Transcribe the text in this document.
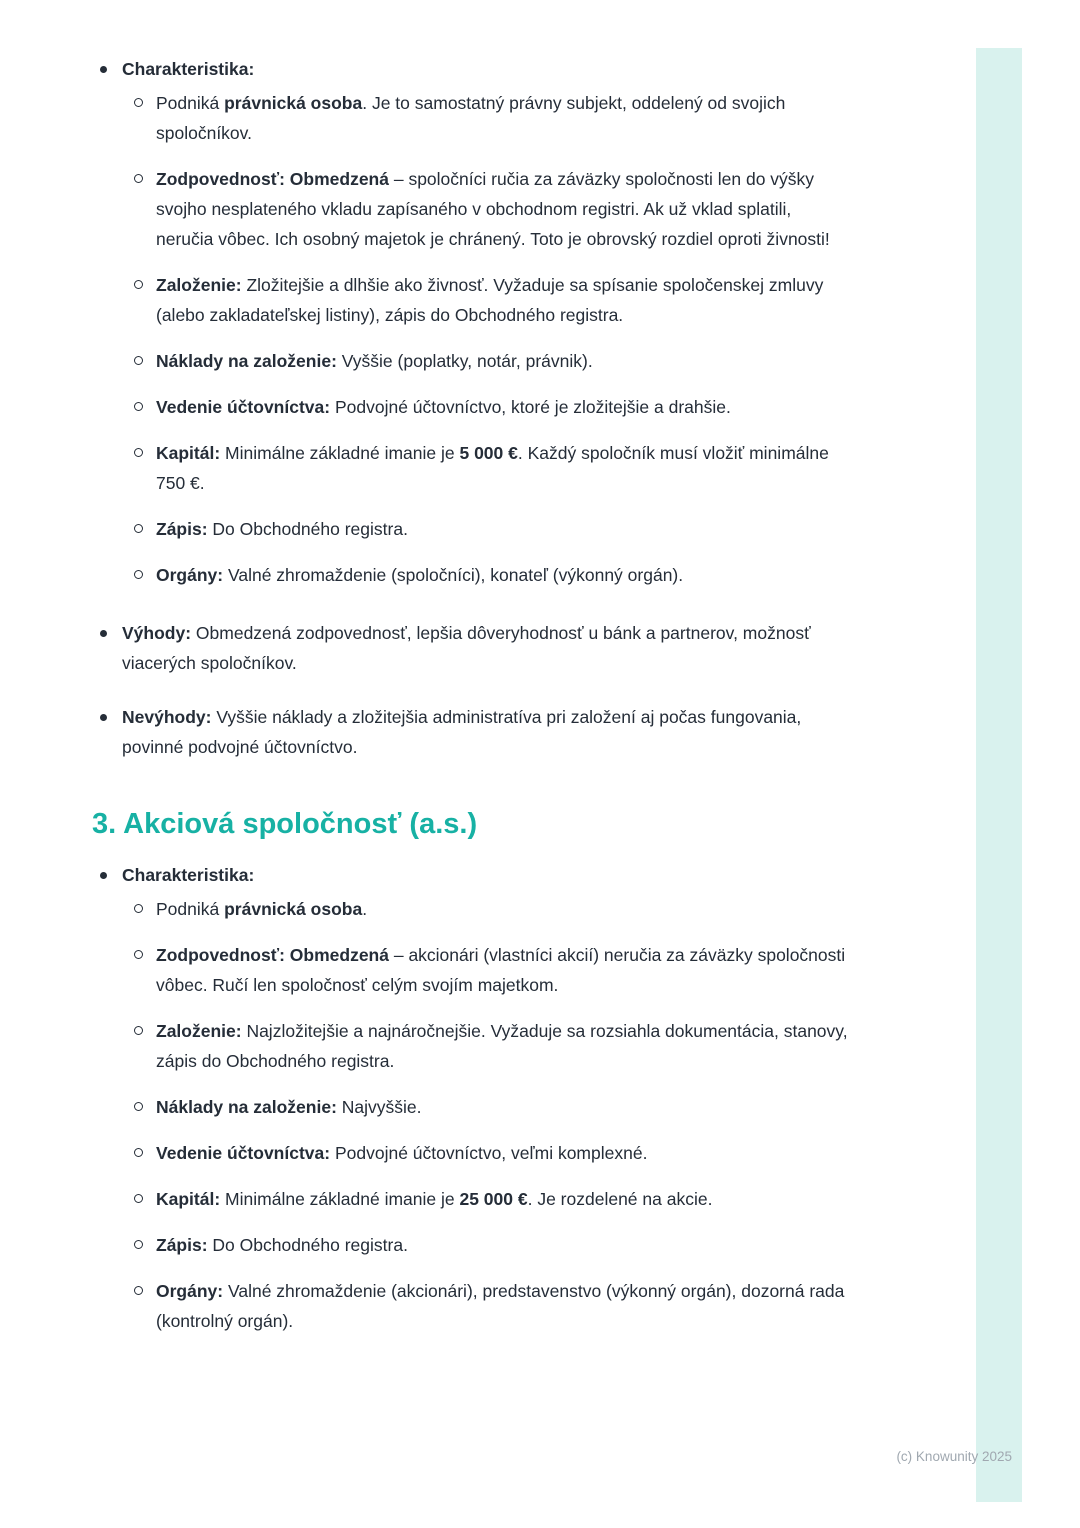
Charakteristika:

Podniká právnická osoba. Je to samostatný právny subjekt, oddelený od svojich spoločníkov.

Zodpovednosť: Obmedzená – spoločníci ručia za záväzky spoločnosti len do výšky svojho nesplateného vkladu zapísaného v obchodnom registri. Ak už vklad splatili, neručia vôbec. Ich osobný majetok je chránený. Toto je obrovský rozdiel oproti živnosti!

Založenie: Zložitejšie a dlhšie ako živnosť. Vyžaduje sa spísanie spoločenskej zmluvy (alebo zakladateľskej listiny), zápis do Obchodného registra.

Náklady na založenie: Vyššie (poplatky, notár, právnik).

Vedenie účtovníctva: Podvojné účtovníctvo, ktoré je zložitejšie a drahšie.

Kapitál: Minimálne základné imanie je 5 000 €. Každý spoločník musí vložiť minimálne 750 €.

Zápis: Do Obchodného registra.

Orgány: Valné zhromaždenie (spoločníci), konateľ (výkonný orgán).

Výhody: Obmedzená zodpovednosť, lepšia dôveryhodnosť u bánk a partnerov, možnosť viacerých spoločníkov.

Nevýhody: Vyššie náklady a zložitejšia administratíva pri založení aj počas fungovania, povinné podvojné účtovníctvo.

3. Akciová spoločnosť (a.s.)

Charakteristika:

Podniká právnická osoba.

Zodpovednosť: Obmedzená – akcionári (vlastníci akcií) neručia za záväzky spoločnosti vôbec. Ručí len spoločnosť celým svojím majetkom.

Založenie: Najzložitejšie a najnáročnejšie. Vyžaduje sa rozsiahla dokumentácia, stanovy, zápis do Obchodného registra.

Náklady na založenie: Najvyššie.

Vedenie účtovníctva: Podvojné účtovníctvo, veľmi komplexné.

Kapitál: Minimálne základné imanie je 25 000 €. Je rozdelené na akcie.

Zápis: Do Obchodného registra.

Orgány: Valné zhromaždenie (akcionári), predstavenstvo (výkonný orgán), dozorná rada (kontrolný orgán).

(c) Knowunity 2025
